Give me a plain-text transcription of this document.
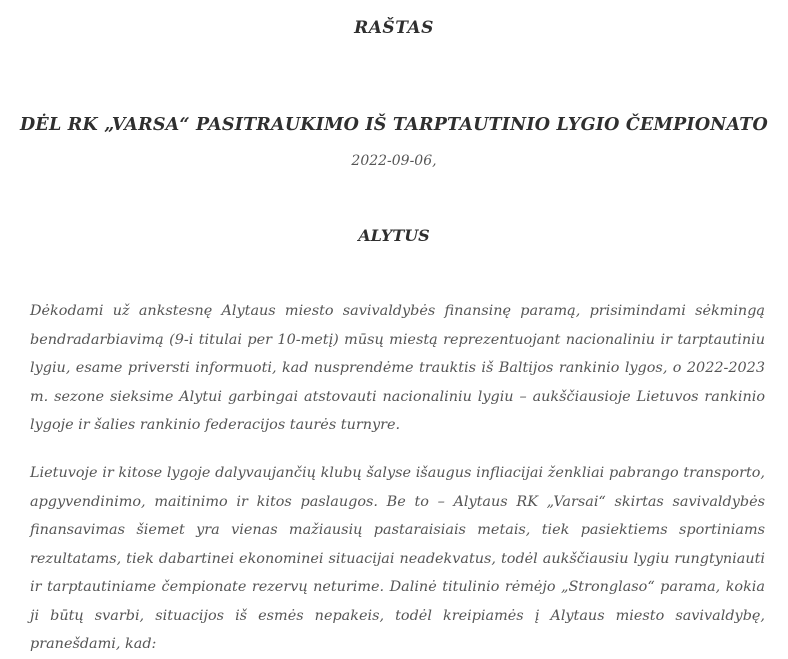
RAŠTAS
DĖL RK „VARSA“ PASITRAUKIMO IŠ TARPTAUTINIO LYGIO ČEMPIONATO
2022-09-06,
ALYTUS

Dėkodami už ankstesnę Alytaus miesto savivaldybės finansinę paramą, prisimindami sėkmingą bendradarbiavimą (9-i titulai per 10-metį) mūsų miestą reprezentuojant nacionaliniu ir tarptautiniu lygiu, esame priversti informuoti, kad nusprendėme trauktis iš Baltijos rankinio lygos, o 2022-2023 m. sezone sieksime Alytui garbingai atstovauti nacionaliniu lygiu – aukščiausioje Lietuvos rankinio lygoje ir šalies rankinio federacijos taurės turnyre.

Lietuvoje ir kitose lygoje dalyvaujančių klubų šalyse išaugus infliacijai ženkliai pabrango transporto, apgyvendinimo, maitinimo ir kitos paslaugos. Be to – Alytaus RK „Varsai“ skirtas savivaldybės finansavimas šiemet yra vienas mažiausių pastaraisiais metais, tiek pasiektiems sportiniams rezultatams, tiek dabartinei ekonominei situacijai neadekvatus, todėl aukščiausiu lygiu rungtyniauti ir tarptautiniame čempionate rezervų neturime. Dalinė titulinio rėmėjo „Stronglaso“ parama, kokia ji būtų svarbi, situacijos iš esmės nepakeis, todėl kreipiamės į Alytaus miesto savivaldybę, pranešdami, kad:
